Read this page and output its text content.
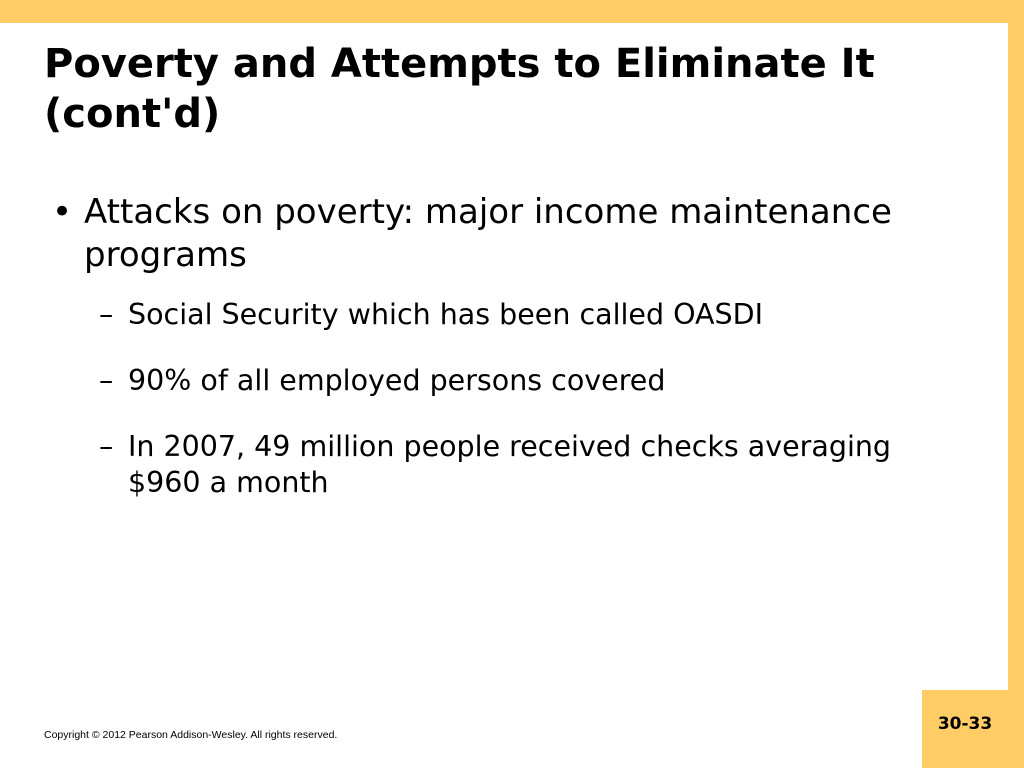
Poverty and Attempts to Eliminate It
(cont'd)
• Attacks on poverty: major income maintenance programs
– Social Security which has been called OASDI
– 90% of all employed persons covered
– In 2007, 49 million people received checks averaging $960 a month
Copyright © 2012 Pearson Addison-Wesley. All rights reserved.
30-33
